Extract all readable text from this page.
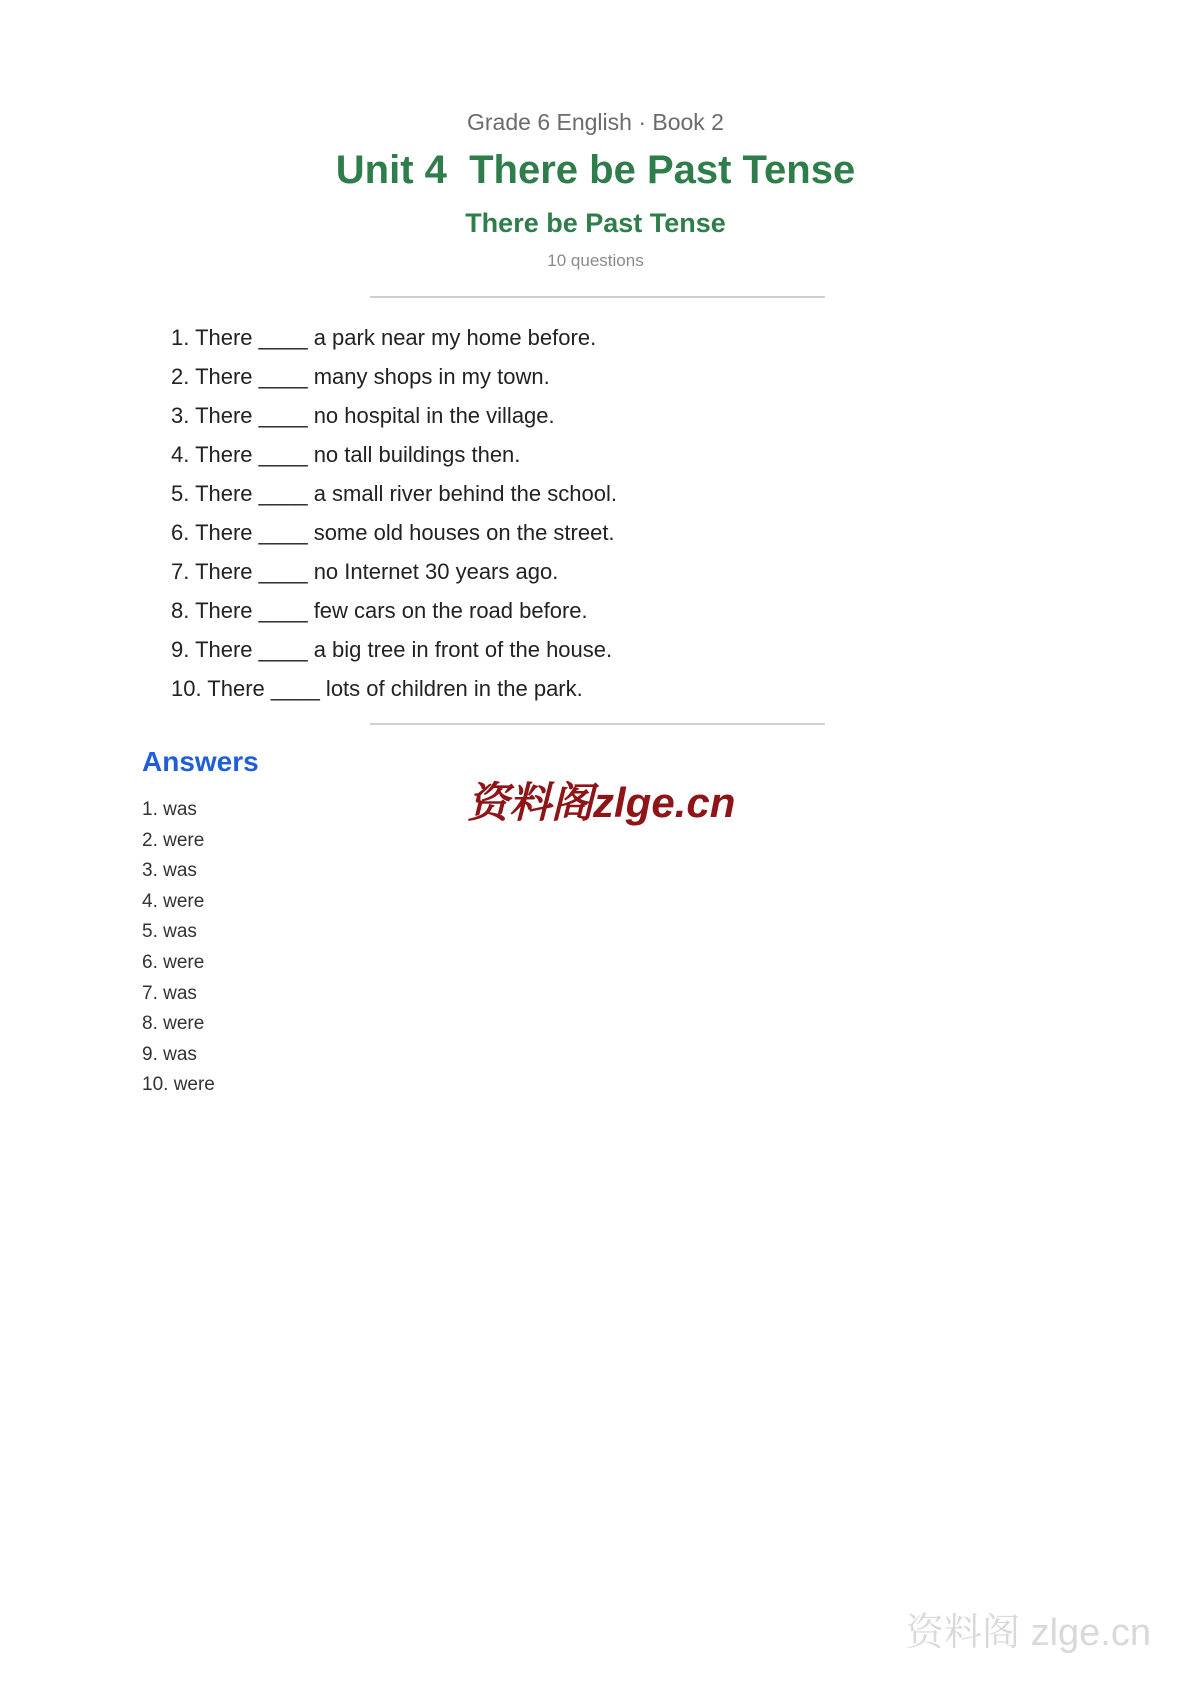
Grade 6 English · Book 2

Unit 4  There be Past Tense
There be Past Tense

10 questions

1. There ____ a park near my home before.
2. There ____ many shops in my town.
3. There ____ no hospital in the village.
4. There ____ no tall buildings then.
5. There ____ a small river behind the school.
6. There ____ some old houses on the street.
7. There ____ no Internet 30 years ago.
8. There ____ few cars on the road before.
9. There ____ a big tree in front of the house.
10. There ____ lots of children in the park.
Answers
1. was
2. were
3. was
4. were
5. was
6. were
7. was
8. were
9. was
10. were
资料阁zlge.cn
资料阁 zlge.cn
